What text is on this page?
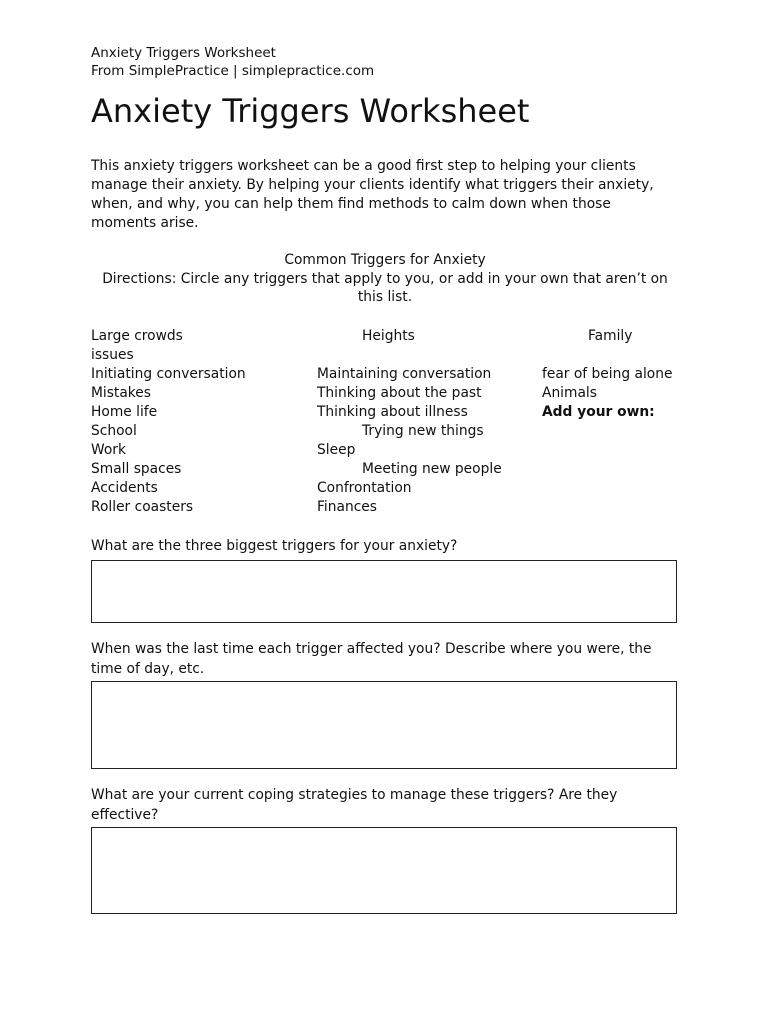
Anxiety Triggers Worksheet
From SimplePractice | simplepractice.com
Anxiety Triggers Worksheet

This anxiety triggers worksheet can be a good first step to helping your clients manage their anxiety. By helping your clients identify what triggers their anxiety, when, and why, you can help them find methods to calm down when those moments arise.

Common Triggers for Anxiety
Directions: Circle any triggers that apply to you, or add in your own that aren’t on this list.
Large crowds	Heights	Family
issues
Initiating conversation	Maintaining conversation	fear of being alone
Mistakes	Thinking about the past	Animals
Home life	Thinking about illness	Add your own:
School	Trying new things
Work	Sleep
Small spaces	Meeting new people
Accidents	Confrontation
Roller coasters	Finances
What are the three biggest triggers for your anxiety?
When was the last time each trigger affected you? Describe where you were, the time of day, etc.
What are your current coping strategies to manage these triggers? Are they effective?
